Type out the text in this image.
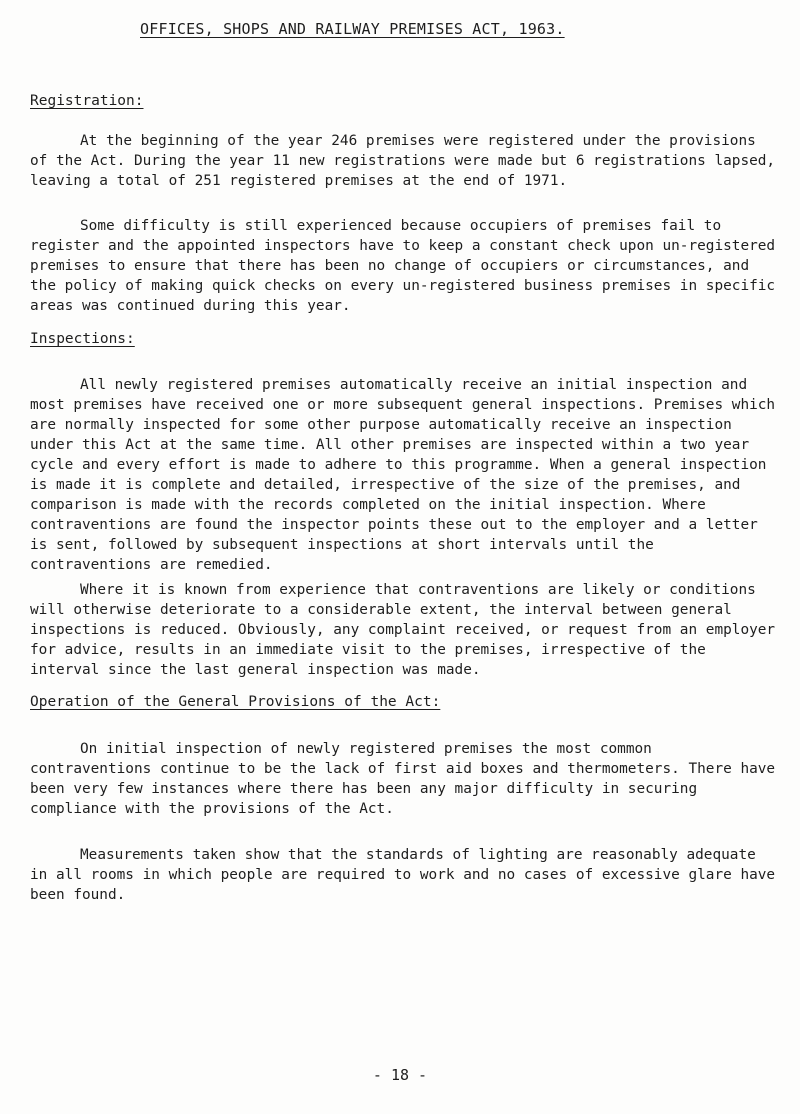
OFFICES, SHOPS AND RAILWAY PREMISES ACT, 1963.
Registration:

At the beginning of the year 246 premises were registered under the provisions of the Act. During the year 11 new registrations were made but 6 registrations lapsed, leaving a total of 251 registered premises at the end of 1971.

Some difficulty is still experienced because occupiers of premises fail to register and the appointed inspectors have to keep a constant check upon un-registered premises to ensure that there has been no change of occupiers or circumstances, and the policy of making quick checks on every un-registered business premises in specific areas was continued during this year.

Inspections:

All newly registered premises automatically receive an initial inspection and most premises have received one or more subsequent general inspections. Premises which are normally inspected for some other purpose automatically receive an inspection under this Act at the same time. All other premises are inspected within a two year cycle and every effort is made to adhere to this programme. When a general inspection is made it is complete and detailed, irrespective of the size of the premises, and comparison is made with the records completed on the initial inspection. Where contraventions are found the inspector points these out to the employer and a letter is sent, followed by subsequent inspections at short intervals until the contraventions are remedied.

Where it is known from experience that contraventions are likely or conditions will otherwise deteriorate to a considerable extent, the interval between general inspections is reduced. Obviously, any complaint received, or request from an employer for advice, results in an immediate visit to the premises, irrespective of the interval since the last general inspection was made.

Operation of the General Provisions of the Act:

On initial inspection of newly registered premises the most common contraventions continue to be the lack of first aid boxes and thermometers. There have been very few instances where there has been any major difficulty in securing compliance with the provisions of the Act.

Measurements taken show that the standards of lighting are reasonably adequate in all rooms in which people are required to work and no cases of excessive glare have been found.

- 18 -
